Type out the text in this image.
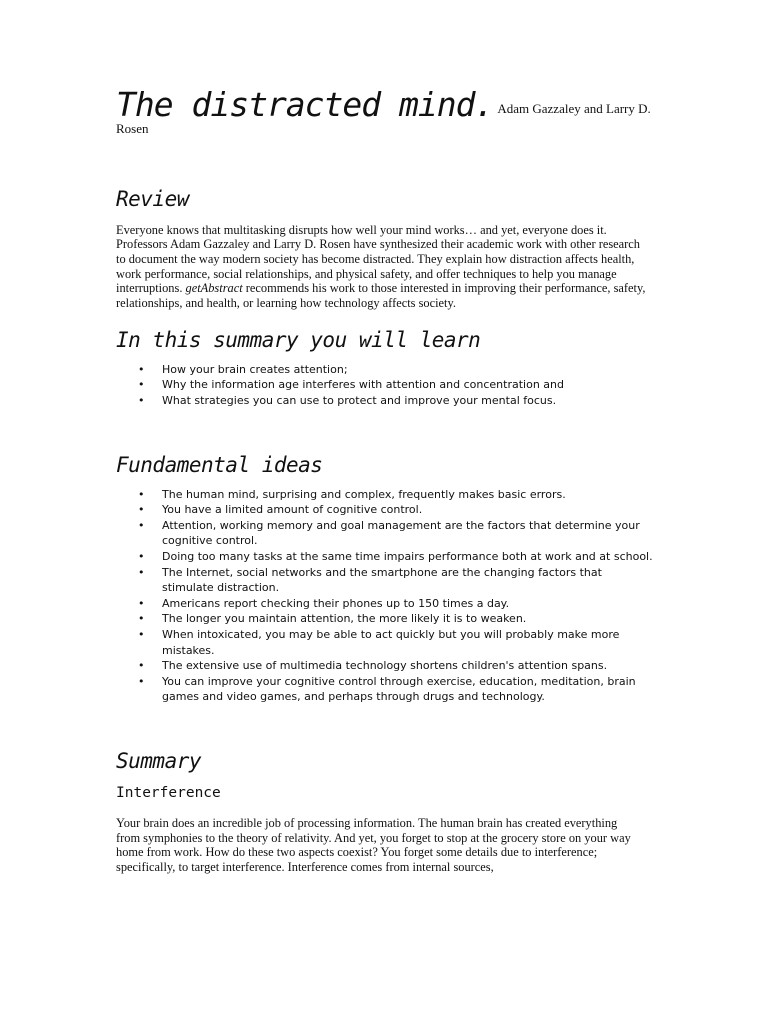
The distracted mind. Adam Gazzaley and Larry D.
Rosen
Review

Everyone knows that multitasking disrupts how well your mind works… and yet, everyone does it. Professors Adam Gazzaley and Larry D. Rosen have synthesized their academic work with other research to document the way modern society has become distracted. They explain how distraction affects health, work performance, social relationships, and physical safety, and offer techniques to help you manage interruptions. getAbstract recommends his work to those interested in improving their performance, safety, relationships, and health, or learning how technology affects society.

In this summary you will learn
• How your brain creates attention;
• Why the information age interferes with attention and concentration and
• What strategies you can use to protect and improve your mental focus.
Fundamental ideas
• The human mind, surprising and complex, frequently makes basic errors.
• You have a limited amount of cognitive control.
• Attention, working memory and goal management are the factors that determine your cognitive control.
• Doing too many tasks at the same time impairs performance both at work and at school.
• The Internet, social networks and the smartphone are the changing factors that stimulate distraction.
• Americans report checking their phones up to 150 times a day.
• The longer you maintain attention, the more likely it is to weaken.
• When intoxicated, you may be able to act quickly but you will probably make more mistakes.
• The extensive use of multimedia technology shortens children's attention spans.
• You can improve your cognitive control through exercise, education, meditation, brain games and video games, and perhaps through drugs and technology.
Summary
Interference

Your brain does an incredible job of processing information. The human brain has created everything from symphonies to the theory of relativity. And yet, you forget to stop at the grocery store on your way home from work. How do these two aspects coexist? You forget some details due to interference; specifically, to target interference. Interference comes from internal sources,
